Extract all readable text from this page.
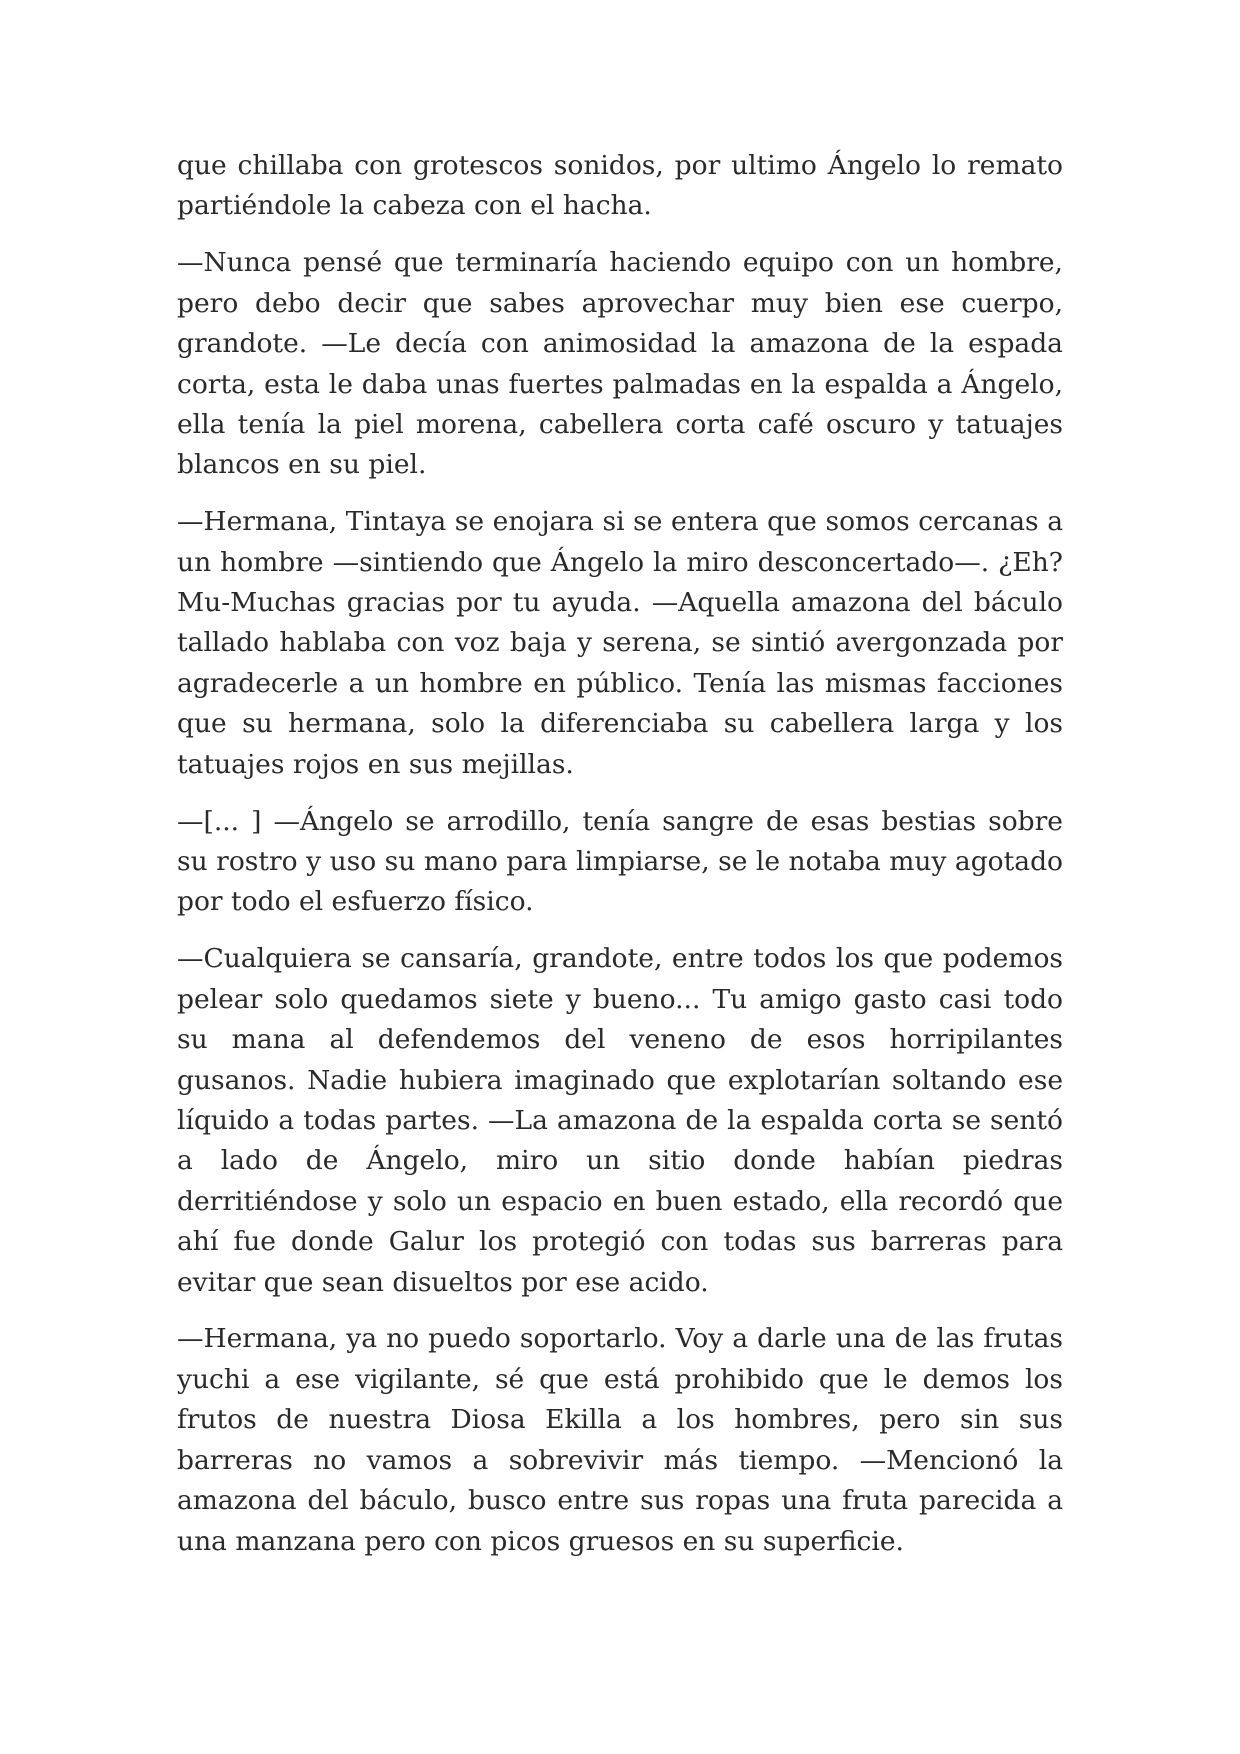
que chillaba con grotescos sonidos, por ultimo Ángelo lo remato partiéndole la cabeza con el hacha.

—Nunca pensé que terminaría haciendo equipo con un hombre, pero debo decir que sabes aprovechar muy bien ese cuerpo, grandote. —Le decía con animosidad la amazona de la espada corta, esta le daba unas fuertes palmadas en la espalda a Ángelo, ella tenía la piel morena, cabellera corta café oscuro y tatuajes blancos en su piel.

—Hermana, Tintaya se enojara si se entera que somos cercanas a un hombre —sintiendo que Ángelo la miro desconcertado—. ¿Eh? Mu-Muchas gracias por tu ayuda. —Aquella amazona del báculo tallado hablaba con voz baja y serena, se sintió avergonzada por agradecerle a un hombre en público. Tenía las mismas facciones que su hermana, solo la diferenciaba su cabellera larga y los tatuajes rojos en sus mejillas.

—[... ] —Ángelo se arrodillo, tenía sangre de esas bestias sobre su rostro y uso su mano para limpiarse, se le notaba muy agotado por todo el esfuerzo físico.

—Cualquiera se cansaría, grandote, entre todos los que podemos pelear solo quedamos siete y bueno... Tu amigo gasto casi todo su mana al defendemos del veneno de esos horripilantes gusanos. Nadie hubiera imaginado que explotarían soltando ese líquido a todas partes. —La amazona de la espalda corta se sentó a lado de Ángelo, miro un sitio donde habían piedras derritiéndose y solo un espacio en buen estado, ella recordó que ahí fue donde Galur los protegió con todas sus barreras para evitar que sean disueltos por ese acido.

—Hermana, ya no puedo soportarlo. Voy a darle una de las frutas yuchi a ese vigilante, sé que está prohibido que le demos los frutos de nuestra Diosa Ekilla a los hombres, pero sin sus barreras no vamos a sobrevivir más tiempo. —Mencionó la amazona del báculo, busco entre sus ropas una fruta parecida a una manzana pero con picos gruesos en su superficie.
